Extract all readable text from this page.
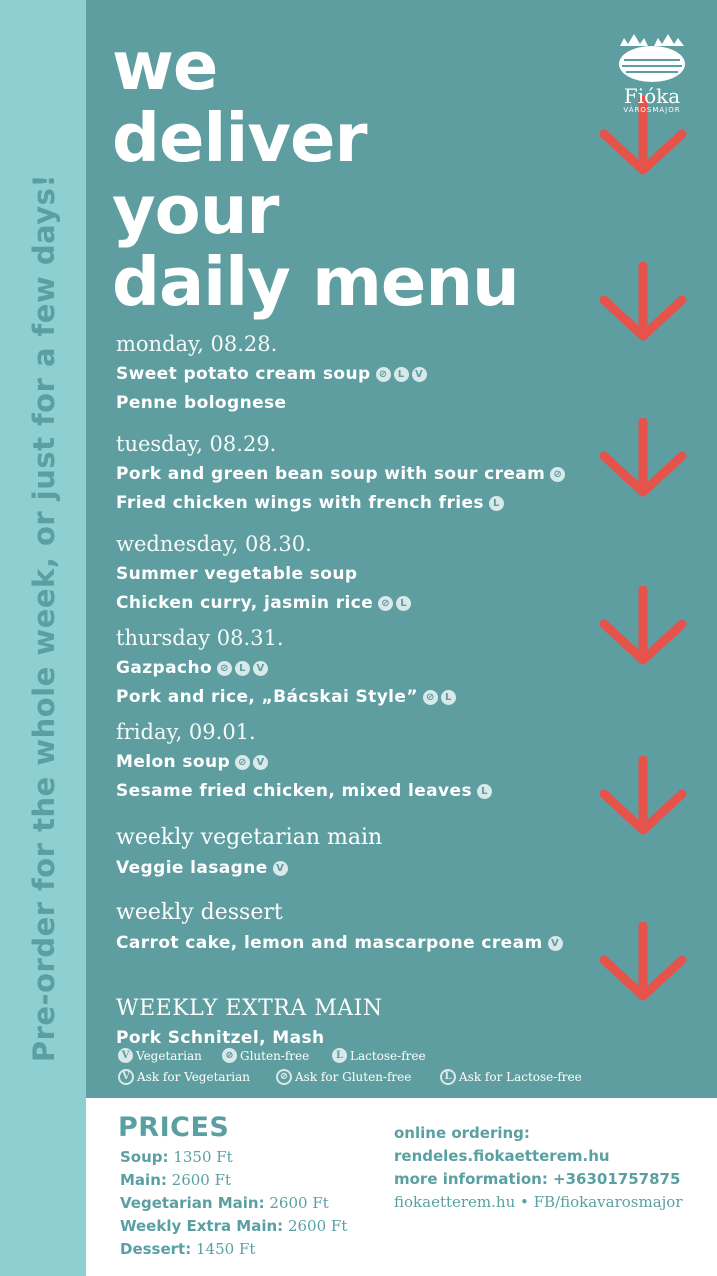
Pre-order for the whole week, or just for a few days!
we
deliver
your
daily menu
Fióka
VÁROSMAJOR
monday, 08.28.
Sweet potato cream soup ⊘	L	V
Penne bolognese
tuesday, 08.29.
Pork and green bean soup with sour cream ⊘
Fried chicken wings with french fries L
wednesday, 08.30.
Summer vegetable soup
Chicken curry, jasmin rice ⊘	L
thursday 08.31.
Gazpacho ⊘	L	V
Pork and rice, „Bácskai Style” ⊘	L
friday, 09.01.
Melon soup ⊘ V
Sesame fried chicken, mixed leaves L
weekly vegetarian main
Veggie lasagne V
weekly dessert
Carrot cake, lemon and mascarpone cream V
WEEKLY EXTRA MAIN
Pork Schnitzel, Mash
V Vegetarian	⊘ Gluten-free	L Lactose-free
V Ask for Vegetarian	⊘ Ask for Gluten-free	L Ask for Lactose-free
PRICES
Soup: 1350 Ft
Main: 2600 Ft
Vegetarian Main: 2600 Ft
Weekly Extra Main: 2600 Ft
Dessert: 1450 Ft
online ordering:
rendeles.fiokaetterem.hu
more information: +36301757875
fiokaetterem.hu • FB/fiokavarosmajor
